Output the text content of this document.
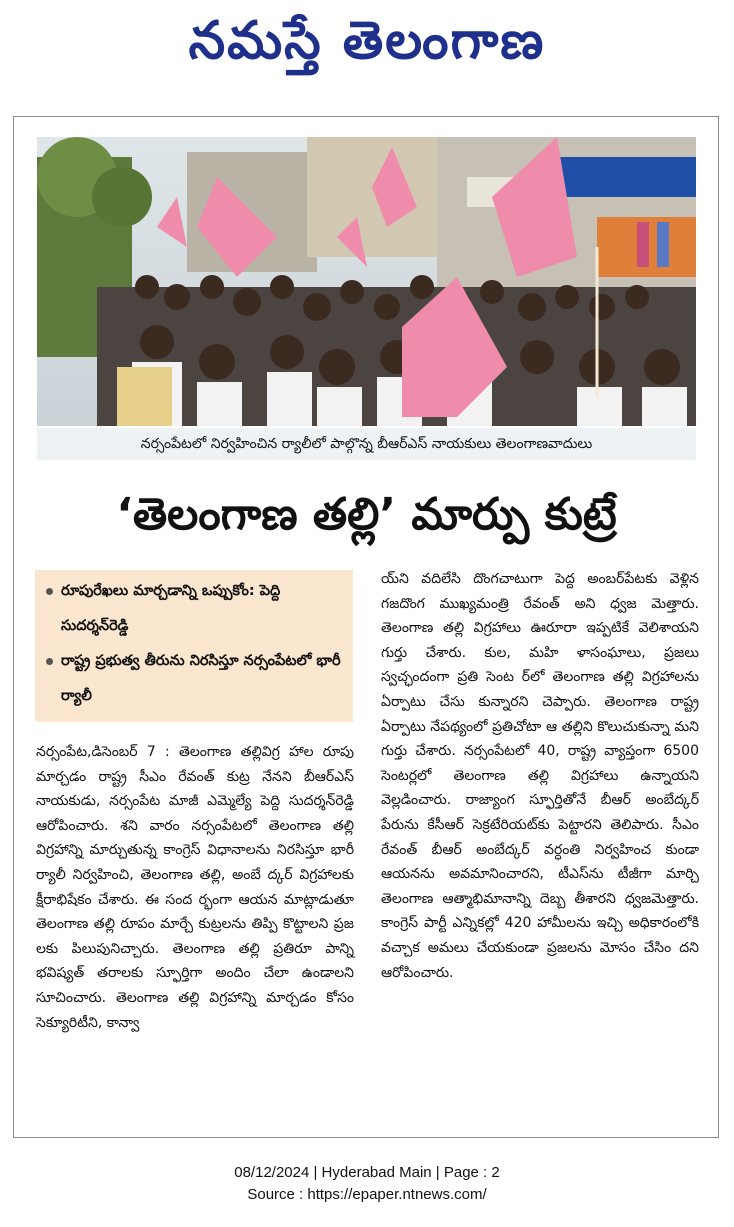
నమస్తే తెలంగాణ
నర్సంపేటలో నిర్వహించిన ర్యాలీలో పాల్గొన్న బీఆర్‌ఎస్ నాయకులు తెలంగాణవాదులు
‘తెలంగాణ తల్లి’ మార్పు కుట్రే
రూపురేఖలు మార్చడాన్ని ఒప్పుకోం: పెద్ది సుదర్శన్‌రెడ్డి
రాష్ట్ర ప్రభుత్వ తీరును నిరసిస్తూ నర్సంపేటలో భారీ ర్యాలీ

నర్సంపేట,డిసెంబర్ 7 : తెలంగాణ తల్లివిగ్ర హాల రూపు మార్చడం రాష్ట్ర సీఎం రేవంత్ కుట్ర నేనని బీఆర్‌ఎస్ నాయకుడు, నర్సంపేట మాజీ ఎమ్మెల్యే పెద్ది సుదర్శన్‌రెడ్డి ఆరోపించారు. శని వారం నర్సంపేటలో తెలంగాణ తల్లి విగ్రహాన్ని మార్చుతున్న కాంగ్రెస్ విధానాలను నిరసిస్తూ భారీ ర్యాలీ నిర్వహించి, తెలంగాణ తల్లి, అంబే ద్కర్ విగ్రహాలకు క్షీరాభిషేకం చేశారు. ఈ సంద ర్భంగా ఆయన మాట్లాడుతూ తెలంగాణ తల్లి రూపం మార్చే కుట్రలను తిప్పి కొట్టాలని ప్రజ లకు పిలుపునిచ్చారు. తెలంగాణ తల్లి ప్రతిరూ పాన్ని భవిష్యత్ తరాలకు స్ఫూర్తిగా అందిం చేలా ఉండాలని సూచించారు. తెలంగాణ తల్లి విగ్రహాన్ని మార్చడం కోసం సెక్యూరిటీని, కాన్వా

య్‌ని వదిలేసి దొంగచాటుగా పెద్ద అంబర్‌పేటకు వెళ్లిన గజదొంగ ముఖ్యమంత్రి రేవంత్ అని ధ్వజ మెత్తారు. తెలంగాణ తల్లి విగ్రహాలు ఊరూరా ఇప్పటికే వెలిశాయని గుర్తు చేశారు. కుల, మహి ళాసంఘాలు, ప్రజలు స్వచ్ఛందంగా ప్రతి సెంట ర్‌లో తెలంగాణ తల్లి విగ్రహాలను ఏర్పాటు చేసు కున్నారని చెప్పారు. తెలంగాణ రాష్ట్ర ఏర్పాటు నేపథ్యంలో ప్రతిచోటా ఆ తల్లిని కొలుచుకున్నా మని గుర్తు చేశారు. నర్సంపేటలో 40, రాష్ట్ర వ్యాప్తంగా 6500 సెంటర్లలో తెలంగాణ తల్లి విగ్రహాలు ఉన్నాయని వెల్లడించారు. రాజ్యాంగ స్ఫూర్తితోనే బీఆర్ అంబేద్కర్ పేరును కేసీఆర్ సెక్రటేరియట్‌కు పెట్టారని తెలిపారు. సీఎం రేవంత్ బీఆర్ అంబేద్కర్ వర్ధంతి నిర్వహించ కుండా ఆయనను అవమానించారని, టీఎస్‌ను టీజీగా మార్చి తెలంగాణ ఆత్మాభిమానాన్ని దెబ్బ తీశారని ధ్వజమెత్తారు. కాంగ్రెస్ పార్టీ ఎన్నికల్లో 420 హామీలను ఇచ్చి అధికారంలోకి వచ్చాక అమలు చేయకుండా ప్రజలను మోసం చేసిం దని ఆరోపించారు.

08/12/2024 | Hyderabad Main | Page : 2
Source : https://epaper.ntnews.com/
